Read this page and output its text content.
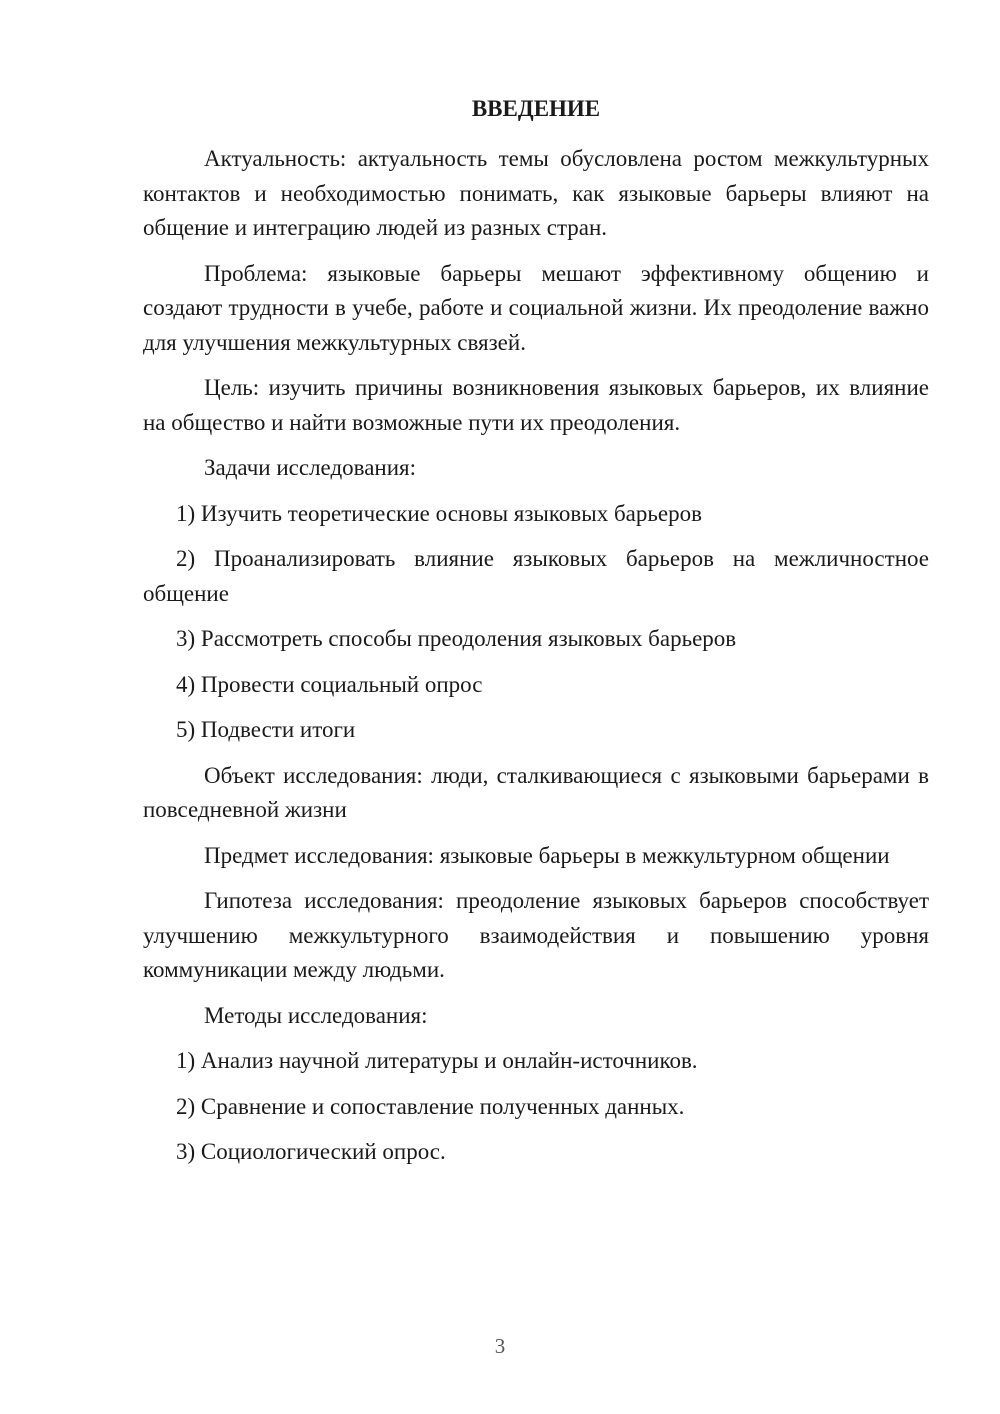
ВВЕДЕНИЕ

Актуальность: актуальность темы обусловлена ростом межкультурных контактов и необходимостью понимать, как языковые барьеры влияют на общение и интеграцию людей из разных стран.

Проблема: языковые барьеры мешают эффективному общению и создают трудности в учебе, работе и социальной жизни. Их преодоление важно для улучшения межкультурных связей.

Цель: изучить причины возникновения языковых барьеров, их влияние на общество и найти возможные пути их преодоления.

Задачи исследования:

1) Изучить теоретические основы языковых барьеров

2) Проанализировать влияние языковых барьеров на межличностное общение

3) Рассмотреть способы преодоления языковых барьеров

4) Провести социальный опрос

5) Подвести итоги

Объект исследования: люди, сталкивающиеся с языковыми барьерами в повседневной жизни

Предмет исследования: языковые барьеры в межкультурном общении

Гипотеза исследования: преодоление языковых барьеров способствует улучшению межкультурного взаимодействия и повышению уровня коммуникации между людьми.

Методы исследования:

1) Анализ научной литературы и онлайн-источников.

2) Сравнение и сопоставление полученных данных.

3) Социологический опрос.

3
